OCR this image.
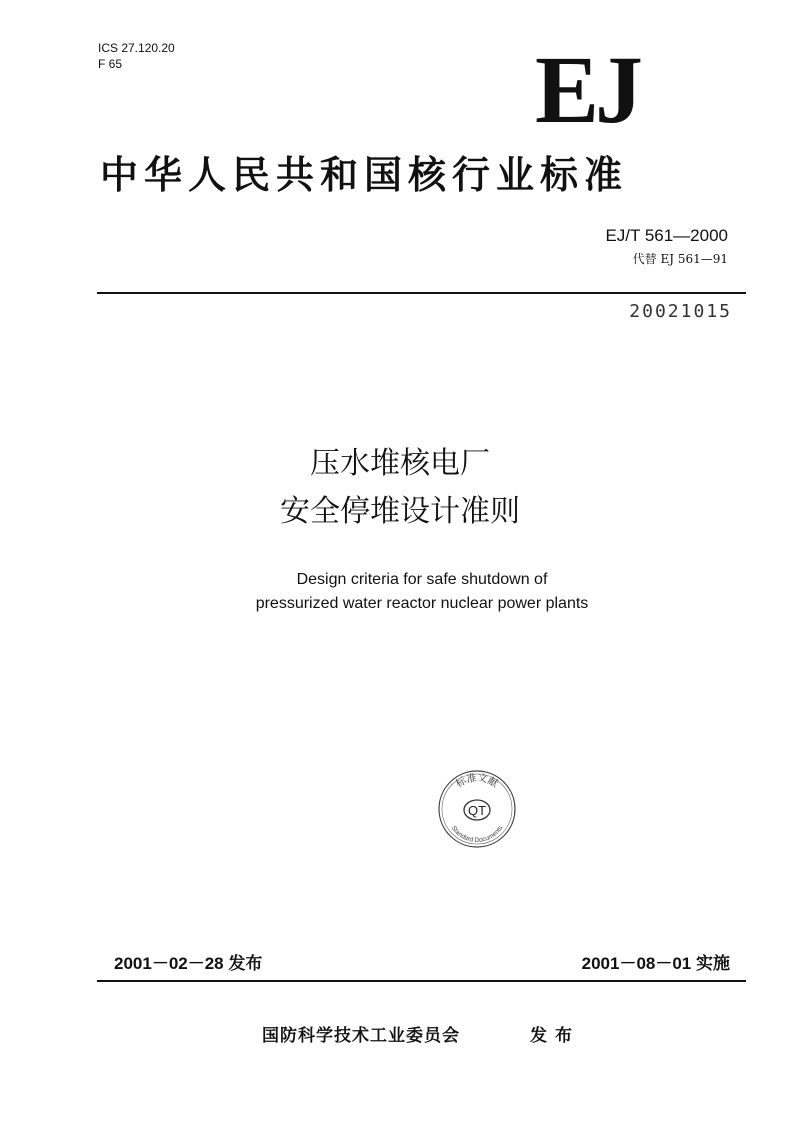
ICS 27.120.20
F 65	EJ
中华人民共和国核行业标准
EJ/T 561—2000
代替 EJ 561—91
20021015
压水堆核电厂
安全停堆设计准则
Design criteria for safe shutdown of
pressurized water reactor nuclear power plants
QT
标准文献
Standard Documents
2001－02－28 发布	2001－08－01 实施
国防科学技术工业委员会	发布
